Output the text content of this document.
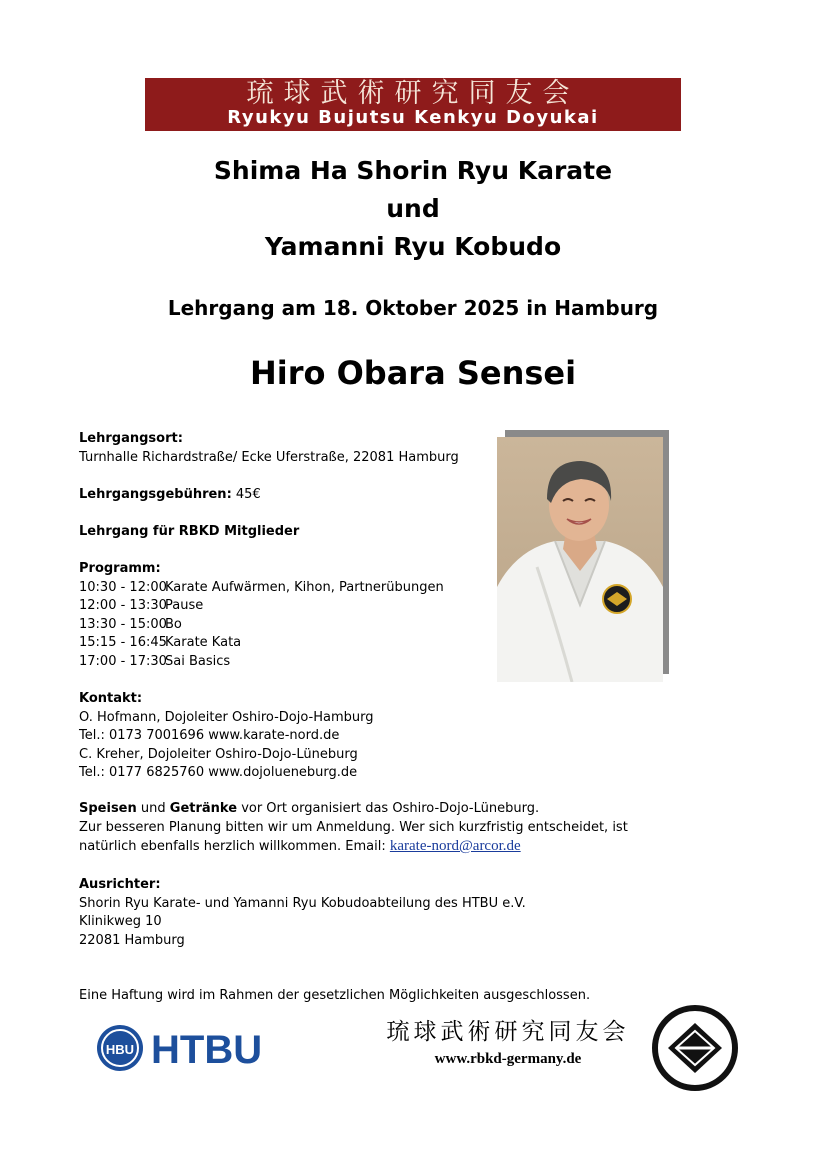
琉球武術研究同友会
Ryukyu Bujutsu Kenkyu Doyukai
Shima Ha Shorin Ryu Karate
und
Yamanni Ryu Kobudo
Lehrgang am 18. Oktober 2025 in Hamburg
Hiro Obara Sensei
Lehrgangsort:
Turnhalle Richardstraße/ Ecke Uferstraße, 22081 Hamburg
Lehrgangsgebühren: 45€
Lehrgang für RBKD Mitglieder
Programm:
10:30 - 12:00Karate Aufwärmen, Kihon, Partnerübungen
12:00 - 13:30Pause
13:30 - 15:00Bo
15:15 - 16:45Karate Kata
17:00 - 17:30Sai Basics
Kontakt:
O. Hofmann, Dojoleiter Oshiro-Dojo-Hamburg
Tel.: 0173 7001696 www.karate-nord.de
C. Kreher, Dojoleiter Oshiro-Dojo-Lüneburg
Tel.: 0177 6825760 www.dojolueneburg.de
Speisen und Getränke vor Ort organisiert das Oshiro-Dojo-Lüneburg.
Zur besseren Planung bitten wir um Anmeldung. Wer sich kurzfristig entscheidet, ist
natürlich ebenfalls herzlich willkommen. Email: karate-nord@arcor.de
Ausrichter:
Shorin Ryu Karate- und Yamanni Ryu Kobudoabteilung des HTBU e.V.
Klinikweg 10
22081 Hamburg
Eine Haftung wird im Rahmen der gesetzlichen Möglichkeiten ausgeschlossen.
HBU HTBU	琉球武術研究同友会
www.rbkd-germany.de
